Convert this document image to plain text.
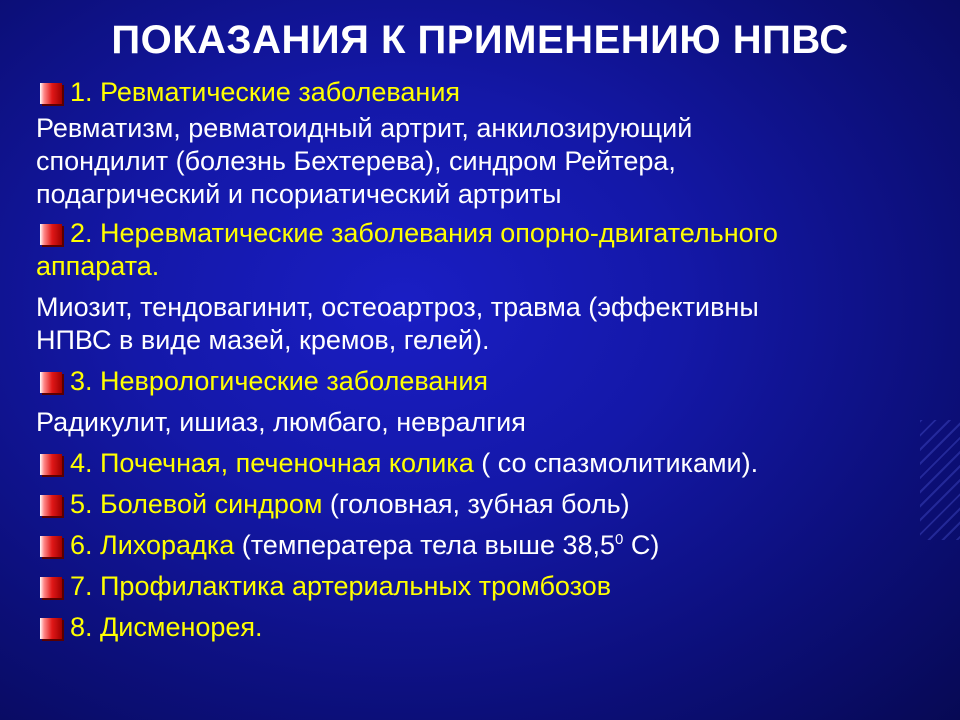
ПОКАЗАНИЯ К ПРИМЕНЕНИЮ НПВС
1. Ревматические заболевания
Ревматизм, ревматоидный артрит, анкилозирующий
спондилит (болезнь Бехтерева), синдром Рейтера,
подагрический и псориатический артриты
2. Неревматические заболевания опорно-двигательного
аппарата.
Миозит, тендовагинит, остеоартроз, травма (эффективны
НПВС в виде мазей, кремов, гелей).
3. Неврологические заболевания
Радикулит, ишиаз, люмбаго, невралгия
4. Почечная, печеночная колика ( со спазмолитиками).
5. Болевой синдром (головная, зубная боль)
6. Лихорадка (температера тела выше 38,5$^0$ С)
7. Профилактика артериальных тромбозов
8. Дисменорея.
